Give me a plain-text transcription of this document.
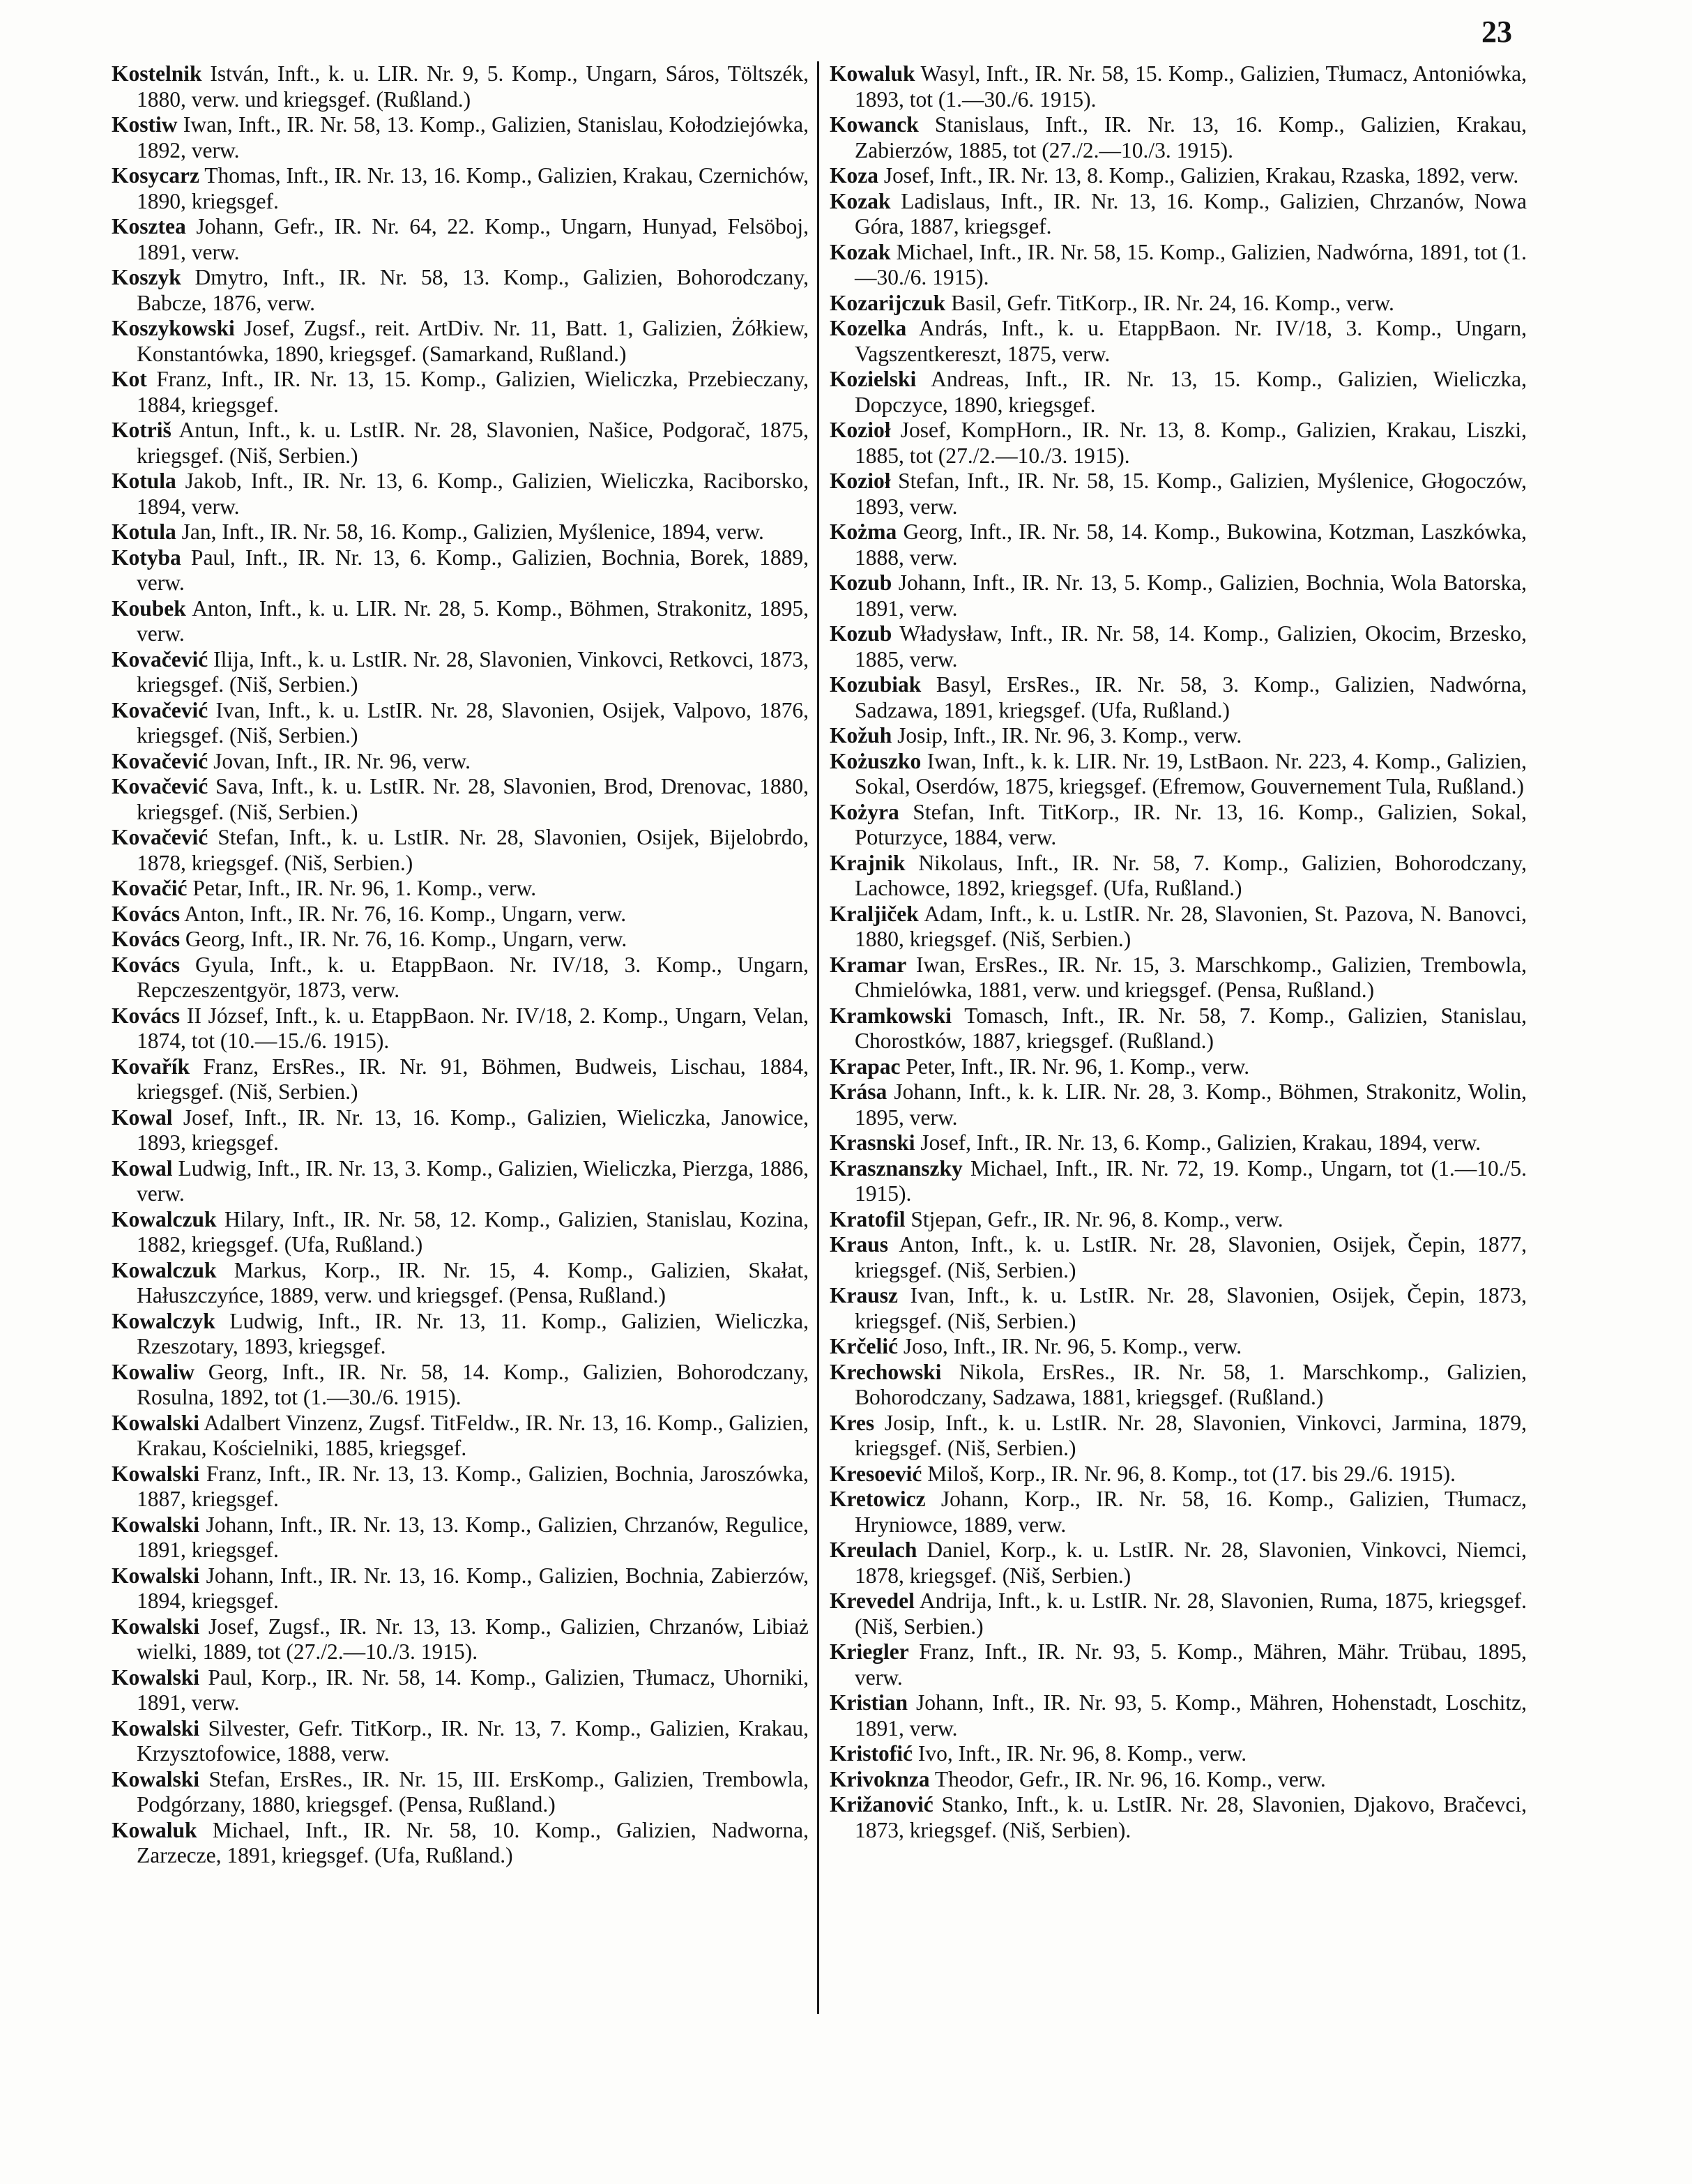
23

Kostelnik István, Inft., k. u. LIR. Nr. 9, 5. Komp., Ungarn, Sáros, Töltszék, 1880, verw. und kriegsgef. (Rußland.)

Kostiw Iwan, Inft., IR. Nr. 58, 13. Komp., Galizien, Stanislau, Kołodziejówka, 1892, verw.

Kosycarz Thomas, Inft., IR. Nr. 13, 16. Komp., Galizien, Krakau, Czernichów, 1890, kriegsgef.

Kosztea Johann, Gefr., IR. Nr. 64, 22. Komp., Ungarn, Hunyad, Felsöboj, 1891, verw.

Koszyk Dmytro, Inft., IR. Nr. 58, 13. Komp., Galizien, Bohorodczany, Babcze, 1876, verw.

Koszykowski Josef, Zugsf., reit. ArtDiv. Nr. 11, Batt. 1, Galizien, Żółkiew, Konstantówka, 1890, kriegsgef. (Samarkand, Rußland.)

Kot Franz, Inft., IR. Nr. 13, 15. Komp., Galizien, Wieliczka, Przebieczany, 1884, kriegsgef.

Kotriš Antun, Inft., k. u. LstIR. Nr. 28, Slavonien, Našice, Podgorač, 1875, kriegsgef. (Niš, Serbien.)

Kotula Jakob, Inft., IR. Nr. 13, 6. Komp., Galizien, Wieliczka, Raciborsko, 1894, verw.

Kotula Jan, Inft., IR. Nr. 58, 16. Komp., Galizien, Myślenice, 1894, verw.

Kotyba Paul, Inft., IR. Nr. 13, 6. Komp., Galizien, Bochnia, Borek, 1889, verw.

Koubek Anton, Inft., k. u. LIR. Nr. 28, 5. Komp., Böhmen, Strakonitz, 1895, verw.

Kovačević Ilija, Inft., k. u. LstIR. Nr. 28, Slavonien, Vinkovci, Retkovci, 1873, kriegsgef. (Niš, Serbien.)

Kovačević Ivan, Inft., k. u. LstIR. Nr. 28, Slavonien, Osijek, Valpovo, 1876, kriegsgef. (Niš, Serbien.)

Kovačević Jovan, Inft., IR. Nr. 96, verw.

Kovačević Sava, Inft., k. u. LstIR. Nr. 28, Slavonien, Brod, Drenovac, 1880, kriegsgef. (Niš, Serbien.)

Kovačević Stefan, Inft., k. u. LstIR. Nr. 28, Slavonien, Osijek, Bijelobrdo, 1878, kriegsgef. (Niš, Serbien.)

Kovačić Petar, Inft., IR. Nr. 96, 1. Komp., verw.

Kovács Anton, Inft., IR. Nr. 76, 16. Komp., Ungarn, verw.

Kovács Georg, Inft., IR. Nr. 76, 16. Komp., Ungarn, verw.

Kovács Gyula, Inft., k. u. EtappBaon. Nr. IV/18, 3. Komp., Ungarn, Repczeszentgyör, 1873, verw.

Kovács II József, Inft., k. u. EtappBaon. Nr. IV/18, 2. Komp., Ungarn, Velan, 1874, tot (10.—15./6. 1915).

Kovařík Franz, ErsRes., IR. Nr. 91, Böhmen, Budweis, Lischau, 1884, kriegsgef. (Niš, Serbien.)

Kowal Josef, Inft., IR. Nr. 13, 16. Komp., Galizien, Wieliczka, Janowice, 1893, kriegsgef.

Kowal Ludwig, Inft., IR. Nr. 13, 3. Komp., Galizien, Wieliczka, Pierzga, 1886, verw.

Kowalczuk Hilary, Inft., IR. Nr. 58, 12. Komp., Galizien, Stanislau, Kozina, 1882, kriegsgef. (Ufa, Rußland.)

Kowalczuk Markus, Korp., IR. Nr. 15, 4. Komp., Galizien, Skałat, Hałuszczyńce, 1889, verw. und kriegsgef. (Pensa, Rußland.)

Kowalczyk Ludwig, Inft., IR. Nr. 13, 11. Komp., Galizien, Wieliczka, Rzeszotary, 1893, kriegsgef.

Kowaliw Georg, Inft., IR. Nr. 58, 14. Komp., Galizien, Bohorodczany, Rosulna, 1892, tot (1.—30./6. 1915).

Kowalski Adalbert Vinzenz, Zugsf. TitFeldw., IR. Nr. 13, 16. Komp., Galizien, Krakau, Kościelniki, 1885, kriegsgef.

Kowalski Franz, Inft., IR. Nr. 13, 13. Komp., Galizien, Bochnia, Jaroszówka, 1887, kriegsgef.

Kowalski Johann, Inft., IR. Nr. 13, 13. Komp., Galizien, Chrzanów, Regulice, 1891, kriegsgef.

Kowalski Johann, Inft., IR. Nr. 13, 16. Komp., Galizien, Bochnia, Zabierzów, 1894, kriegsgef.

Kowalski Josef, Zugsf., IR. Nr. 13, 13. Komp., Galizien, Chrzanów, Libiaż wielki, 1889, tot (27./2.—10./3. 1915).

Kowalski Paul, Korp., IR. Nr. 58, 14. Komp., Galizien, Tłumacz, Uhorniki, 1891, verw.

Kowalski Silvester, Gefr. TitKorp., IR. Nr. 13, 7. Komp., Galizien, Krakau, Krzysztofowice, 1888, verw.

Kowalski Stefan, ErsRes., IR. Nr. 15, III. ErsKomp., Galizien, Trembowla, Podgórzany, 1880, kriegsgef. (Pensa, Rußland.)

Kowaluk Michael, Inft., IR. Nr. 58, 10. Komp., Galizien, Nadworna, Zarzecze, 1891, kriegsgef. (Ufa, Rußland.)

Kowaluk Wasyl, Inft., IR. Nr. 58, 15. Komp., Galizien, Tłumacz, Antoniówka, 1893, tot (1.—30./6. 1915).

Kowanck Stanislaus, Inft., IR. Nr. 13, 16. Komp., Galizien, Krakau, Zabierzów, 1885, tot (27./2.—10./3. 1915).

Koza Josef, Inft., IR. Nr. 13, 8. Komp., Galizien, Krakau, Rzaska, 1892, verw.

Kozak Ladislaus, Inft., IR. Nr. 13, 16. Komp., Galizien, Chrzanów, Nowa Góra, 1887, kriegsgef.

Kozak Michael, Inft., IR. Nr. 58, 15. Komp., Galizien, Nadwórna, 1891, tot (1.—30./6. 1915).

Kozarijczuk Basil, Gefr. TitKorp., IR. Nr. 24, 16. Komp., verw.

Kozelka András, Inft., k. u. EtappBaon. Nr. IV/18, 3. Komp., Ungarn, Vagszentkereszt, 1875, verw.

Kozielski Andreas, Inft., IR. Nr. 13, 15. Komp., Galizien, Wieliczka, Dopczyce, 1890, kriegsgef.

Kozioł Josef, KompHorn., IR. Nr. 13, 8. Komp., Galizien, Krakau, Liszki, 1885, tot (27./2.—10./3. 1915).

Kozioł Stefan, Inft., IR. Nr. 58, 15. Komp., Galizien, Myślenice, Głogoczów, 1893, verw.

Kożma Georg, Inft., IR. Nr. 58, 14. Komp., Bukowina, Kotzman, Laszkówka, 1888, verw.

Kozub Johann, Inft., IR. Nr. 13, 5. Komp., Galizien, Bochnia, Wola Batorska, 1891, verw.

Kozub Władysław, Inft., IR. Nr. 58, 14. Komp., Galizien, Okocim, Brzesko, 1885, verw.

Kozubiak Basyl, ErsRes., IR. Nr. 58, 3. Komp., Galizien, Nadwórna, Sadzawa, 1891, kriegsgef. (Ufa, Rußland.)

Kožuh Josip, Inft., IR. Nr. 96, 3. Komp., verw.

Kożuszko Iwan, Inft., k. k. LIR. Nr. 19, LstBaon. Nr. 223, 4. Komp., Galizien, Sokal, Oserdów, 1875, kriegsgef. (Efremow, Gouvernement Tula, Rußland.)

Kożyra Stefan, Inft. TitKorp., IR. Nr. 13, 16. Komp., Galizien, Sokal, Poturzyce, 1884, verw.

Krajnik Nikolaus, Inft., IR. Nr. 58, 7. Komp., Galizien, Bohorodczany, Lachowce, 1892, kriegsgef. (Ufa, Rußland.)

Kraljiček Adam, Inft., k. u. LstIR. Nr. 28, Slavonien, St. Pazova, N. Banovci, 1880, kriegsgef. (Niš, Serbien.)

Kramar Iwan, ErsRes., IR. Nr. 15, 3. Marschkomp., Galizien, Trembowla, Chmielówka, 1881, verw. und kriegsgef. (Pensa, Rußland.)

Kramkowski Tomasch, Inft., IR. Nr. 58, 7. Komp., Galizien, Stanislau, Chorostków, 1887, kriegsgef. (Rußland.)

Krapac Peter, Inft., IR. Nr. 96, 1. Komp., verw.

Krása Johann, Inft., k. k. LIR. Nr. 28, 3. Komp., Böhmen, Strakonitz, Wolin, 1895, verw.

Krasnski Josef, Inft., IR. Nr. 13, 6. Komp., Galizien, Krakau, 1894, verw.

Krasznanszky Michael, Inft., IR. Nr. 72, 19. Komp., Ungarn, tot (1.—10./5. 1915).

Kratofil Stjepan, Gefr., IR. Nr. 96, 8. Komp., verw.

Kraus Anton, Inft., k. u. LstIR. Nr. 28, Slavonien, Osijek, Čepin, 1877, kriegsgef. (Niš, Serbien.)

Krausz Ivan, Inft., k. u. LstIR. Nr. 28, Slavonien, Osijek, Čepin, 1873, kriegsgef. (Niš, Serbien.)

Krčelić Joso, Inft., IR. Nr. 96, 5. Komp., verw.

Krechowski Nikola, ErsRes., IR. Nr. 58, 1. Marschkomp., Galizien, Bohorodczany, Sadzawa, 1881, kriegsgef. (Rußland.)

Kres Josip, Inft., k. u. LstIR. Nr. 28, Slavonien, Vinkovci, Jarmina, 1879, kriegsgef. (Niš, Serbien.)

Kresoević Miloš, Korp., IR. Nr. 96, 8. Komp., tot (17. bis 29./6. 1915).

Kretowicz Johann, Korp., IR. Nr. 58, 16. Komp., Galizien, Tłumacz, Hryniowce, 1889, verw.

Kreulach Daniel, Korp., k. u. LstIR. Nr. 28, Slavonien, Vinkovci, Niemci, 1878, kriegsgef. (Niš, Serbien.)

Krevedel Andrija, Inft., k. u. LstIR. Nr. 28, Slavonien, Ruma, 1875, kriegsgef. (Niš, Serbien.)

Kriegler Franz, Inft., IR. Nr. 93, 5. Komp., Mähren, Mähr. Trübau, 1895, verw.

Kristian Johann, Inft., IR. Nr. 93, 5. Komp., Mähren, Hohenstadt, Loschitz, 1891, verw.

Kristofić Ivo, Inft., IR. Nr. 96, 8. Komp., verw.

Krivoknza Theodor, Gefr., IR. Nr. 96, 16. Komp., verw.

Križanović Stanko, Inft., k. u. LstIR. Nr. 28, Slavonien, Djakovo, Bračevci, 1873, kriegsgef. (Niš, Serbien).
